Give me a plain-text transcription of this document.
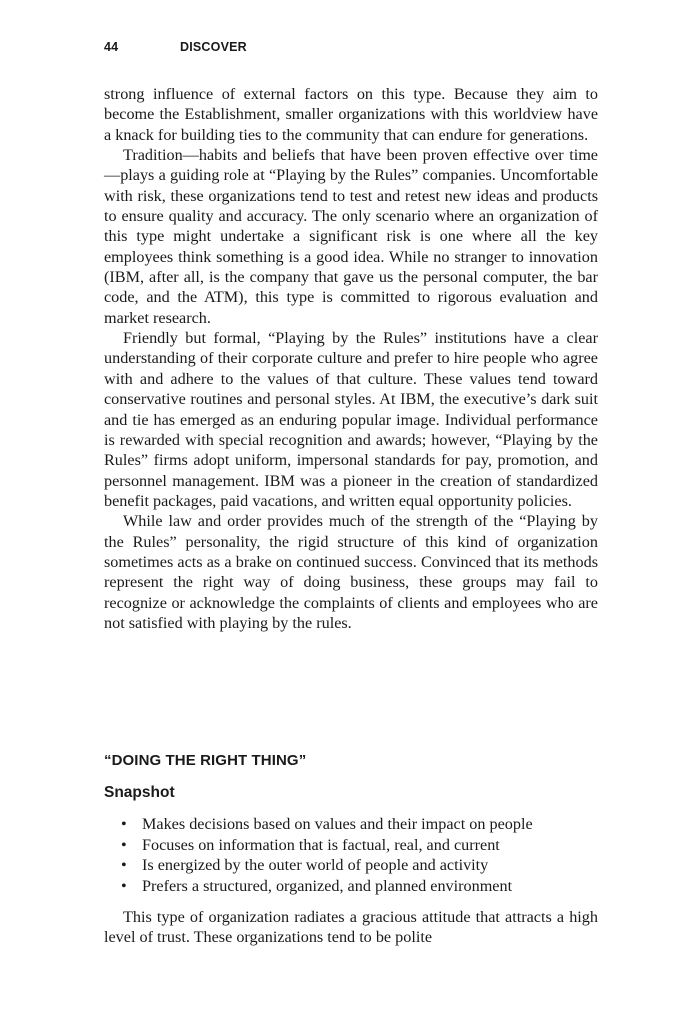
44	DISCOVER

strong influence of external factors on this type. Because they aim to become the Establishment, smaller organizations with this worldview have a knack for building ties to the community that can endure for generations.

Tradition—habits and beliefs that have been proven effective over time—plays a guiding role at “Playing by the Rules” companies. Uncomfortable with risk, these organizations tend to test and retest new ideas and products to ensure quality and accuracy. The only scenario where an organization of this type might undertake a significant risk is one where all the key employees think something is a good idea. While no stranger to innovation (IBM, after all, is the company that gave us the personal computer, the bar code, and the ATM), this type is committed to rigorous evaluation and market research.

Friendly but formal, “Playing by the Rules” institutions have a clear understanding of their corporate culture and prefer to hire people who agree with and adhere to the values of that culture. These values tend toward conservative routines and personal styles. At IBM, the executive’s dark suit and tie has emerged as an enduring popular image. Individual performance is rewarded with special recognition and awards; however, “Playing by the Rules” firms adopt uniform, impersonal standards for pay, promotion, and personnel management. IBM was a pioneer in the creation of standardized benefit packages, paid vacations, and written equal opportunity policies.

While law and order provides much of the strength of the “Playing by the Rules” personality, the rigid structure of this kind of organization sometimes acts as a brake on continued success. Convinced that its methods represent the right way of doing business, these groups may fail to recognize or acknowledge the complaints of clients and employees who are not satisfied with playing by the rules.

“DOING THE RIGHT THING”
Snapshot
• Makes decisions based on values and their impact on people
• Focuses on information that is factual, real, and current
• Is energized by the outer world of people and activity
• Prefers a structured, organized, and planned environment

This type of organization radiates a gracious attitude that attracts a high level of trust. These organizations tend to be polite
